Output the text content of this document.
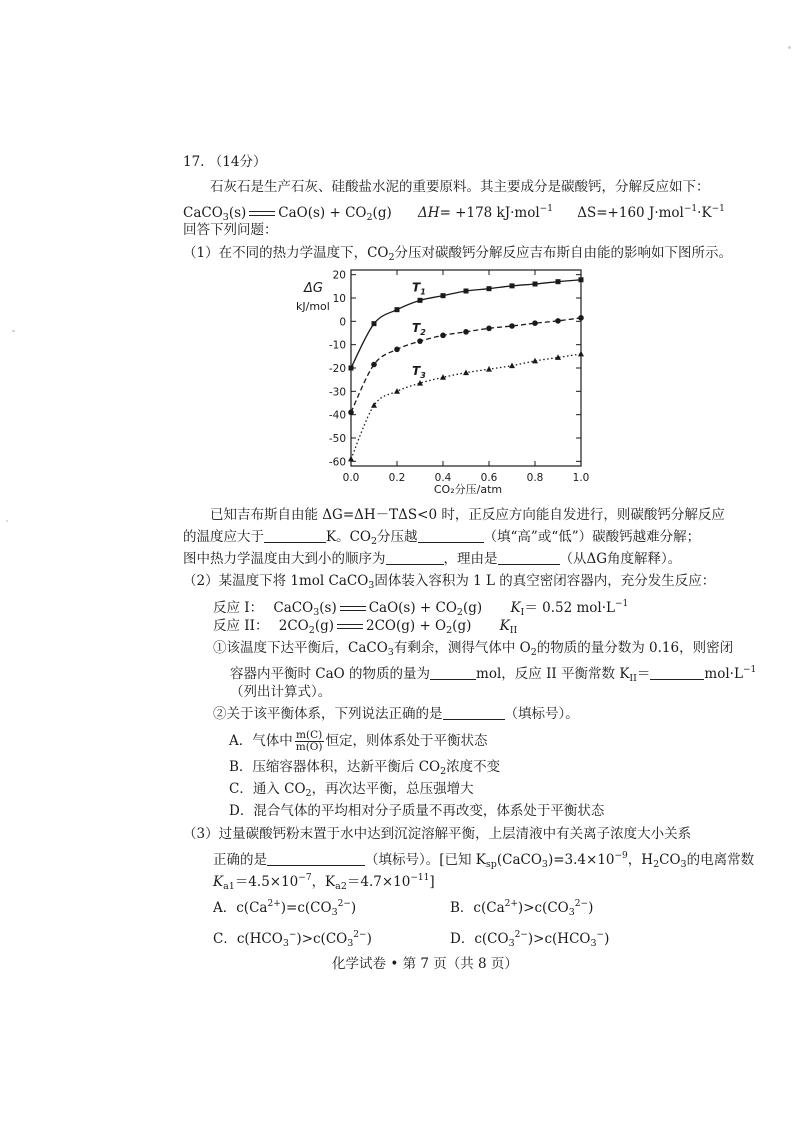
17. （14分）
石灰石是生产石灰、硅酸盐水泥的重要原料。其主要成分是碳酸钙，分解反应如下：
CaCO$_3$(s) $CaO(s) + CO_2(g)$ ΔH= +178 kJ·mol$^{-1}$ ΔS=+160 $J\cdot mol^{-1}\cdot K^{-1}$
回答下列问题：
（1）在不同的热力学温度下，$CO_2$分压对碳酸钙分解反应吉布斯自由能的影响如下图所示。
20
10
0
-10
-20
-30
-40
-50
-60
0.0	0.2	0.4	0.6	0.8	1.0
ΔG
kJ/mol
CO₂分压/atm
$T_1$
$T_2$
$T_3$
已知吉布斯自由能 ΔG=ΔH－TΔS<0 时，正反应方向能自发进行，则碳酸钙分解反应
的温度应大于	K。$CO_2$分压越	（填“高”或“低”）碳酸钙越难分解；
图中热力学温度由大到小的顺序为	，理由是	（从ΔG角度解释）。
（2）某温度下将 1mol CaCO$_3$固体装入容积为 1 L 的真空密闭容器内，充分发生反应：
反应 I： CaCO$_3$(s) $CaO(s) + CO_2(g)$ $K_I= 0.52$ $mol\cdot L^{-1}$
反应 II： $2CO_2(g) 2CO(g) + O_2(g)$ $K_{II}$
①该温度下达平衡后，CaCO$_3$有剩余，测得气体中 $O_2$的物质的量分数为 0.16，则密闭
容器内平衡时 CaO 的物质的量为	mol，反应 II 平衡常数 $K_{II}=$	$mol\cdot L^{-1}$
（列出计算式）。
②关于该平衡体系，下列说法正确的是	（填标号）。
A．气体中 $\frac{m(C)}{m(O)}$ 恒定，则体系处于平衡状态
B．压缩容器体积，达新平衡后 $CO_2$浓度不变
C．通入 $CO_2$，再次达平衡，总压强增大
D．混合气体的平均相对分子质量不再改变，体系处于平衡状态
（3）过量碳酸钙粉末置于水中达到沉淀溶解平衡，上层清液中有关离子浓度大小关系
正确的是	（填标号）。[已知 $K_{sp}(CaCO_3)=3.4\times 10^{-9}$，$H_2CO_3$的电离常数
$K_{a1}=4.5\times 10^{-7}$，$K_{a2}=4.7\times 10^{-11}$]
A．$c(Ca^{2+})=c(CO_3^{2-})$	B．$c(Ca^{2+})>c(CO_3^{2-})$
C．$c(HCO_3^-)>c(CO_3^{2-})$	D．$c(CO_3^{2-})>c(HCO_3^-)$
化学试卷 • 第 7 页（共 8 页）
